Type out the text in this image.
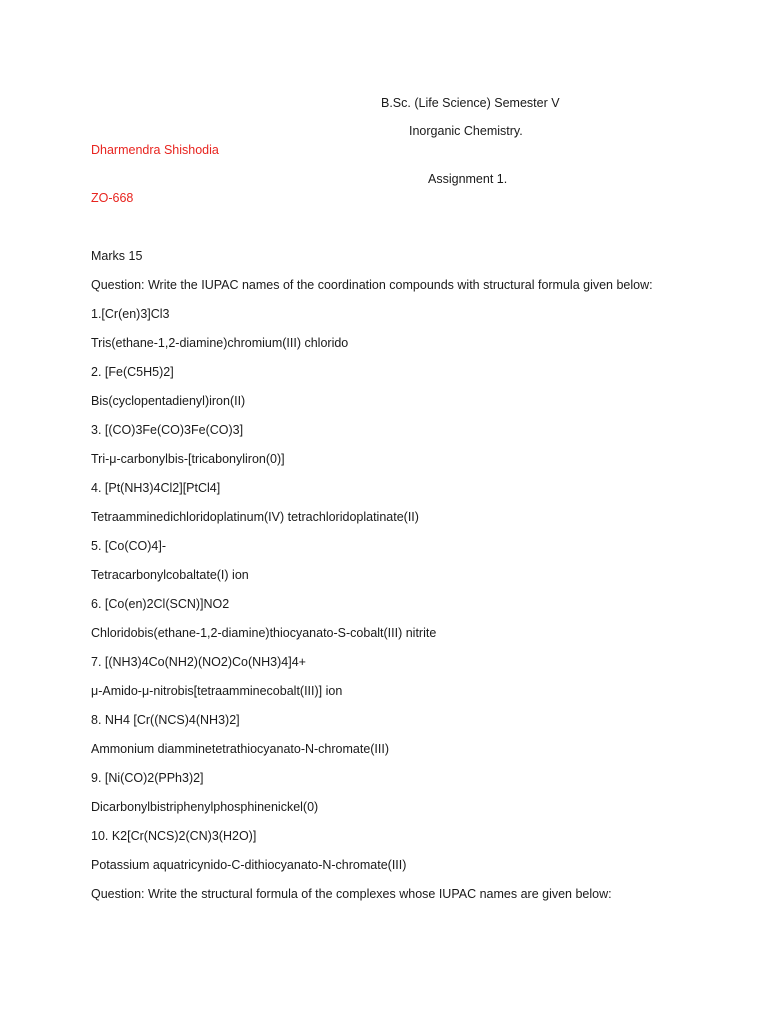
B.Sc. (Life Science) Semester V
Inorganic Chemistry.
Dharmendra Shishodia
Assignment 1.
ZO-668
Marks 15
Question: Write the IUPAC names of the coordination compounds with structural formula given below:
1.[Cr(en)3]Cl3
Tris(ethane-1,2-diamine)chromium(III) chlorido
2. [Fe(C5H5)2]
Bis(cyclopentadienyl)iron(II)
3. [(CO)3Fe(CO)3Fe(CO)3]
Tri-μ-carbonylbis-[tricabonyliron(0)]
4. [Pt(NH3)4Cl2][PtCl4]
Tetraamminedichloridoplatinum(IV) tetrachloridoplatinate(II)
5. [Co(CO)4]-
Tetracarbonylcobaltate(I) ion
6. [Co(en)2Cl(SCN)]NO2
Chloridobis(ethane-1,2-diamine)thiocyanato-S-cobalt(III) nitrite
7. [(NH3)4Co(NH2)(NO2)Co(NH3)4]4+
μ-Amido-μ-nitrobis[tetraamminecobalt(III)] ion
8. NH4 [Cr((NCS)4(NH3)2]
Ammonium diamminetetrathiocyanato-N-chromate(III)
9. [Ni(CO)2(PPh3)2]
Dicarbonylbistriphenylphosphinenickel(0)
10. K2[Cr(NCS)2(CN)3(H2O)]
Potassium aquatricynido-C-dithiocyanato-N-chromate(III)
Question: Write the structural formula of the complexes whose IUPAC names are given below:
